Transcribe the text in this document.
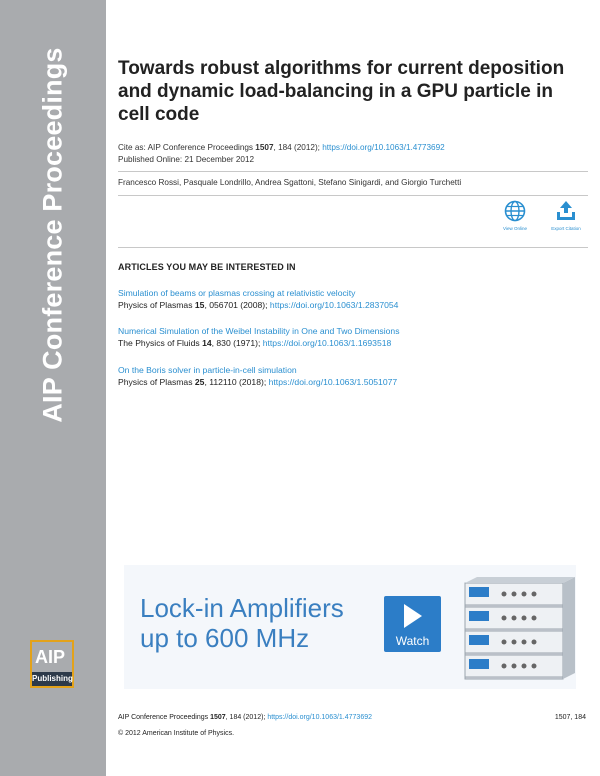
AIP Conference Proceedings
AIP
Publishing
Towards robust algorithms for current deposition and dynamic load-balancing in a GPU particle in cell code
Cite as: AIP Conference Proceedings 1507, 184 (2012); https://doi.org/10.1063/1.4773692
Published Online: 21 December 2012
Francesco Rossi, Pasquale Londrillo, Andrea Sgattoni, Stefano Sinigardi, and Giorgio Turchetti
View Online	Export Citation
ARTICLES YOU MAY BE INTERESTED IN
Simulation of beams or plasmas crossing at relativistic velocity
Physics of Plasmas 15, 056701 (2008); https://doi.org/10.1063/1.2837054
Numerical Simulation of the Weibel Instability in One and Two Dimensions
The Physics of Fluids 14, 830 (1971); https://doi.org/10.1063/1.1693518
On the Boris solver in particle-in-cell simulation
Physics of Plasmas 25, 112110 (2018); https://doi.org/10.1063/1.5051077
Lock-in Amplifiers
up to 600 MHz	Watch
AIP Conference Proceedings 1507, 184 (2012); https://doi.org/10.1063/1.4773692	1507, 184
© 2012 American Institute of Physics.
